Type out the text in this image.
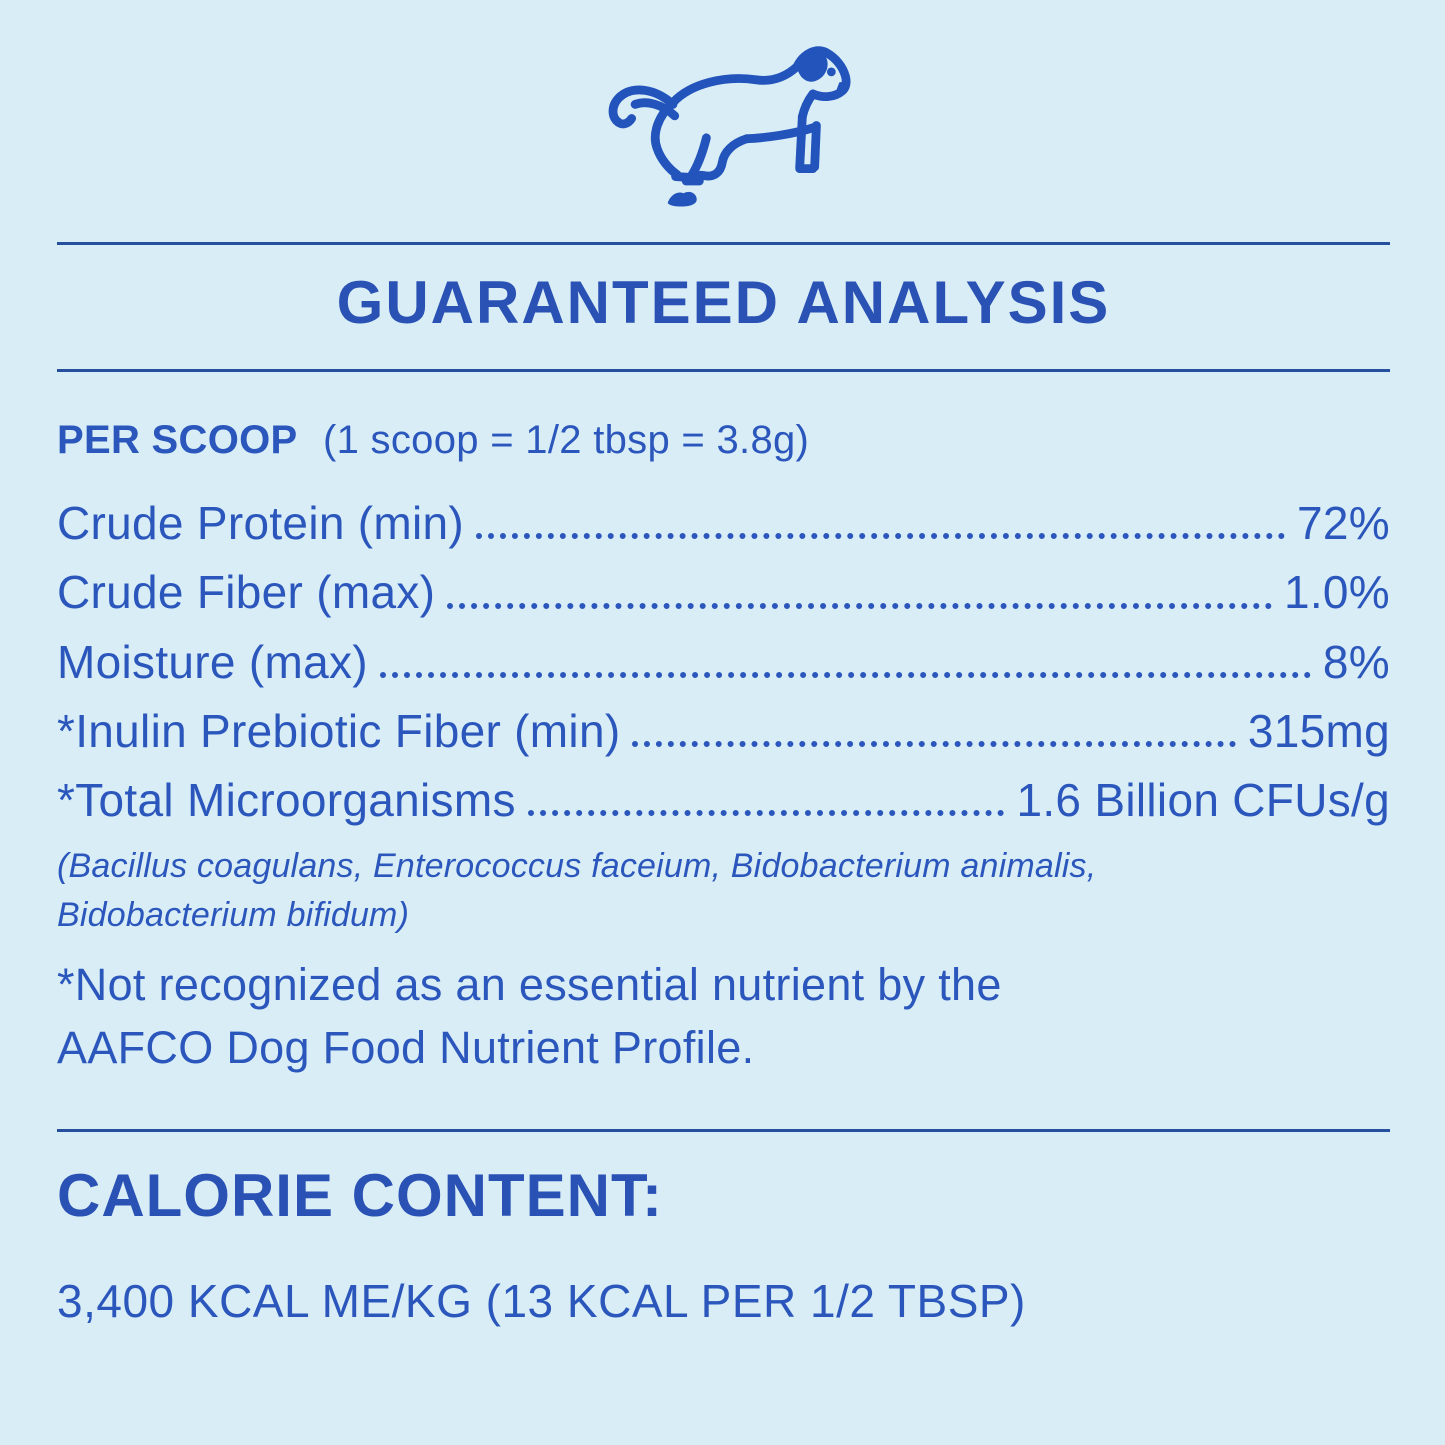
GUARANTEED ANALYSIS
PER SCOOP (1 scoop = 1/2 tbsp = 3.8g)
Crude Protein (min)	72%
Crude Fiber (max)	1.0%
Moisture (max)	8%
*Inulin Prebiotic Fiber (min)	315mg
*Total Microorganisms	1.6 Billion CFUs/g
(Bacillus coagulans, Enterococcus faceium, Bidobacterium animalis,
Bidobacterium bifidum)
*Not recognized as an essential nutrient by the
AAFCO Dog Food Nutrient Profile.
CALORIE CONTENT:
3,400 KCAL ME/KG (13 KCAL PER 1/2 TBSP)
